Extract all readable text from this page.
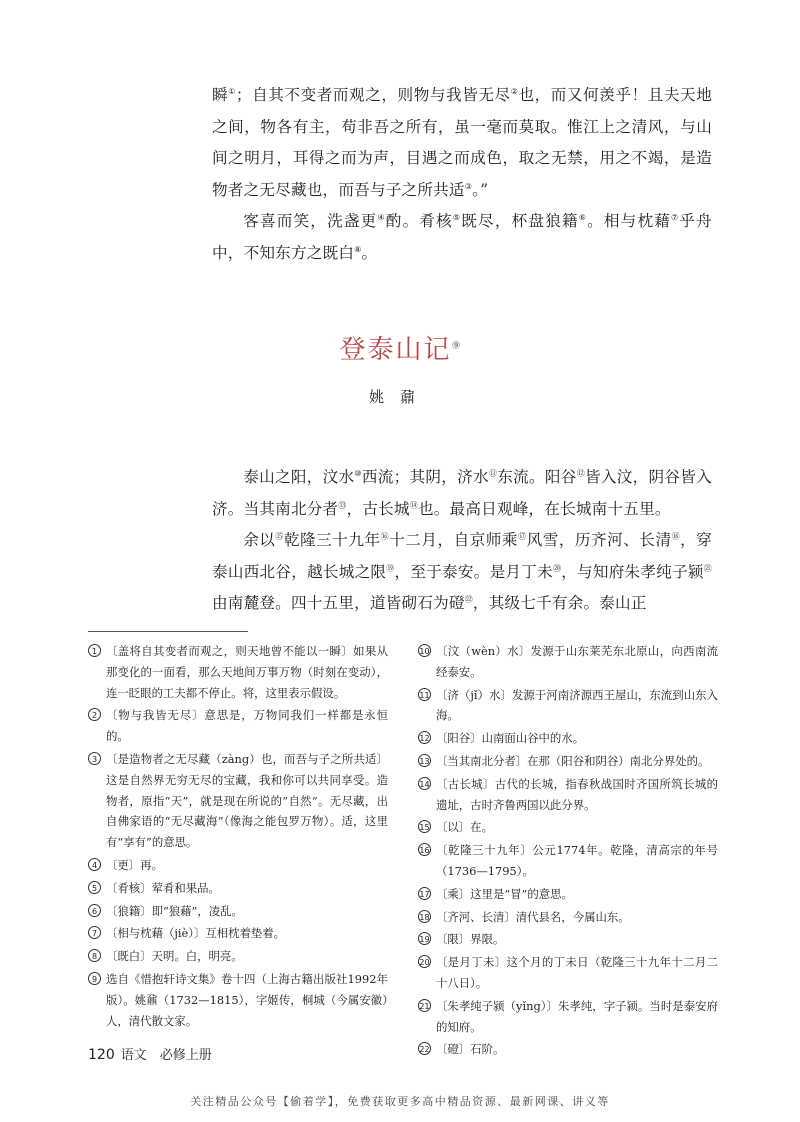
瞬①；自其不变者而观之，则物与我皆无尽②也，而又何羡乎！且夫天地之间，物各有主，苟非吾之所有，虽一毫而莫取。惟江上之清风，与山间之明月，耳得之而为声，目遇之而成色，取之无禁，用之不竭，是造物者之无尽藏也，而吾与子之所共适③。”

客喜而笑，洗盏更④酌。肴核⑤既尽，杯盘狼籍⑥。相与枕藉⑦乎舟中，不知东方之既白⑧。

登泰山记⑨
姚鼐

泰山之阳，汶水⑩西流；其阴，济水⑪东流。阳谷⑫皆入汶，阴谷皆入济。当其南北分者⑬，古长城⑭也。最高日观峰，在长城南十五里。

余以⑮乾隆三十九年⑯十二月，自京师乘⑰风雪，历齐河、长清⑱，穿泰山西北谷，越长城之限⑲，至于泰安。是月丁未⑳，与知府朱孝纯子颍$^㉑$由南麓登。四十五里，道皆砌石为磴$^㉒$，其级七千有余。泰山正

1 〔盖将自其变者而观之，则天地曾不能以一瞬〕如果从那变化的一面看，那么天地间万事万物（时刻在变动），连一眨眼的工夫都不停止。将，这里表示假设。
2 〔物与我皆无尽〕意思是，万物同我们一样都是永恒的。
3 〔是造物者之无尽藏（zàng）也，而吾与子之所共适〕这是自然界无穷无尽的宝藏，我和你可以共同享受。造物者，原指“天”，就是现在所说的“自然”。无尽藏，出自佛家语的“无尽藏海”（像海之能包罗万物）。适，这里有“享有”的意思。
4 〔更〕再。
5 〔肴核〕荤肴和果品。
6 〔狼籍〕即“狼藉”，凌乱。
7 〔相与枕藉（jiè）〕互相枕着垫着。
8 〔既白〕天明。白，明亮。
9 选自《惜抱轩诗文集》卷十四（上海古籍出版社1992年版）。姚鼐（1732—1815），字姬传，桐城（今属安徽）人，清代散文家。
10 〔汶（wèn）水〕发源于山东莱芜东北原山，向西南流经泰安。
11 〔济（jǐ）水〕发源于河南济源西王屋山，东流到山东入海。
12 〔阳谷〕山南面山谷中的水。
13 〔当其南北分者〕在那（阳谷和阴谷）南北分界处的。
14 〔古长城〕古代的长城，指春秋战国时齐国所筑长城的遗址，古时齐鲁两国以此分界。
15 〔以〕在。
16 〔乾隆三十九年〕公元1774年。乾隆，清高宗的年号（1736—1795）。
17 〔乘〕这里是“冒”的意思。
18 〔齐河、长清〕清代县名，今属山东。
19 〔限〕界限。
20 〔是月丁未〕这个月的丁未日（乾隆三十九年十二月二十八日）。
21 〔朱孝纯子颍（yǐng）〕朱孝纯，字子颍。当时是泰安府的知府。
22 〔磴〕石阶。
120 语文　必修上册
关注精品公众号【偷着学】，免费获取更多高中精品资源、最新网课、讲义等
